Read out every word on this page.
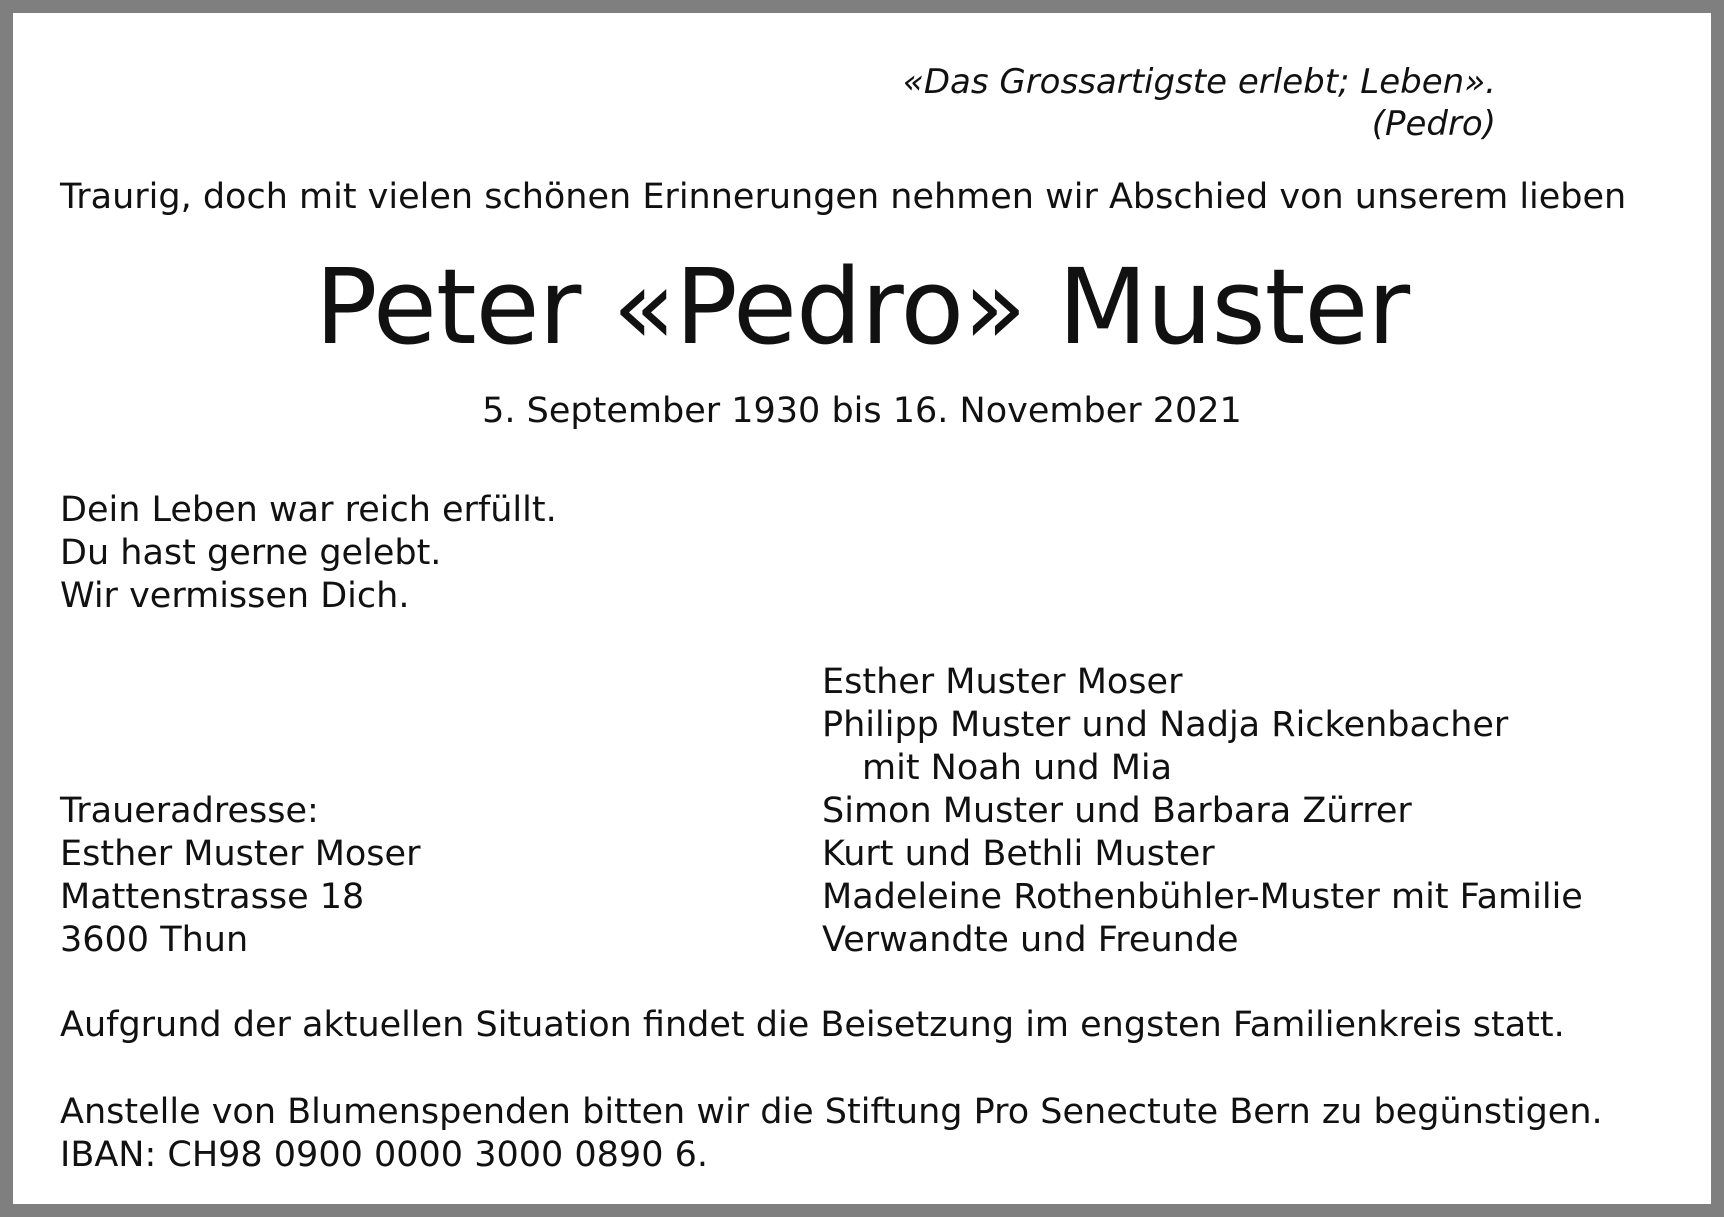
«Das Grossartigste erlebt; Leben».
(Pedro)
Traurig, doch mit vielen schönen Erinnerungen nehmen wir Abschied von unserem lieben
Peter «Pedro» Muster
5. September 1930 bis 16. November 2021
Dein Leben war reich erfüllt.
Du hast gerne gelebt.
Wir vermissen Dich.
Esther Muster Moser
Philipp Muster und Nadja Rickenbacher
mit Noah und Mia
Simon Muster und Barbara Zürrer
Kurt und Bethli Muster
Madeleine Rothenbühler-Muster mit Familie
Verwandte und Freunde
Traueradresse:
Esther Muster Moser
Mattenstrasse 18
3600 Thun
Aufgrund der aktuellen Situation findet die Beisetzung im engsten Familienkreis statt.
Anstelle von Blumenspenden bitten wir die Stiftung Pro Senectute Bern zu begünstigen.
IBAN: CH98 0900 0000 3000 0890 6.
